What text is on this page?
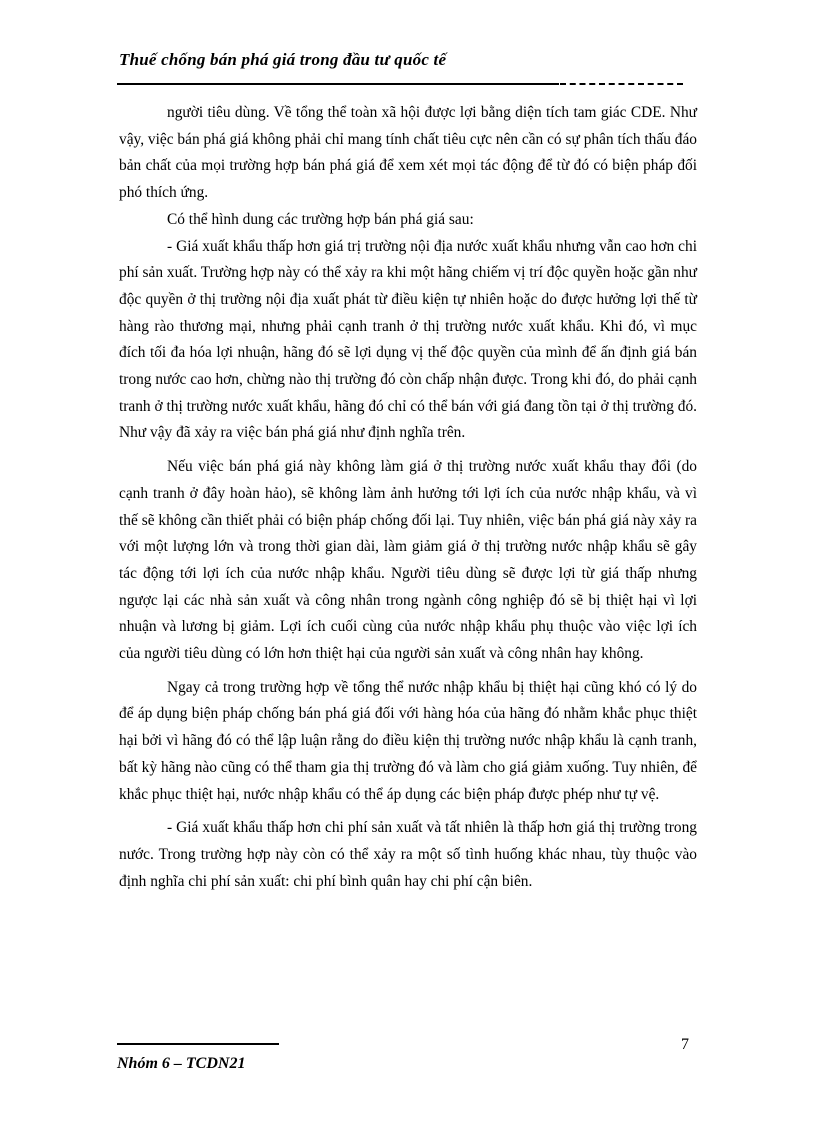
Thuế chống bán phá giá trong đầu tư quốc tế

người tiêu dùng. Về tổng thể toàn xã hội được lợi bằng diện tích tam giác CDE. Như vậy, việc bán phá giá không phải chỉ mang tính chất tiêu cực nên cần có sự phân tích thấu đáo bản chất của mọi trường hợp bán phá giá để xem xét mọi tác động để từ đó có biện pháp đối phó thích ứng.

Có thể hình dung các trường hợp bán phá giá sau:

- Giá xuất khẩu thấp hơn giá trị trường nội địa nước xuất khẩu nhưng vẫn cao hơn chi phí sản xuất. Trường hợp này có thể xảy ra khi một hãng chiếm vị trí độc quyền hoặc gần như độc quyền ở thị trường nội địa xuất phát từ điều kiện tự nhiên hoặc do được hưởng lợi thế từ hàng rào thương mại, nhưng phải cạnh tranh ở thị trường nước xuất khẩu. Khi đó, vì mục đích tối đa hóa lợi nhuận, hãng đó sẽ lợi dụng vị thế độc quyền của mình để ấn định giá bán trong nước cao hơn, chừng nào thị trường đó còn chấp nhận được. Trong khi đó, do phải cạnh tranh ở thị trường nước xuất khẩu, hãng đó chỉ có thể bán với giá đang tồn tại ở thị trường đó. Như vậy đã xảy ra việc bán phá giá như định nghĩa trên.

Nếu việc bán phá giá này không làm giá ở thị trường nước xuất khẩu thay đổi (do cạnh tranh ở đây hoàn hảo), sẽ không làm ảnh hưởng tới lợi ích của nước nhập khẩu, và vì thế sẽ không cần thiết phải có biện pháp chống đối lại. Tuy nhiên, việc bán phá giá này xảy ra với một lượng lớn và trong thời gian dài, làm giảm giá ở thị trường nước nhập khẩu sẽ gây tác động tới lợi ích của nước nhập khẩu. Người tiêu dùng sẽ được lợi từ giá thấp nhưng ngược lại các nhà sản xuất và công nhân trong ngành công nghiệp đó sẽ bị thiệt hại vì lợi nhuận và lương bị giảm. Lợi ích cuối cùng của nước nhập khẩu phụ thuộc vào việc lợi ích của người tiêu dùng có lớn hơn thiệt hại của người sản xuất và công nhân hay không.

Ngay cả trong trường hợp về tổng thể nước nhập khẩu bị thiệt hại cũng khó có lý do để áp dụng biện pháp chống bán phá giá đối với hàng hóa của hãng đó nhằm khắc phục thiệt hại bởi vì hãng đó có thể lập luận rằng do điều kiện thị trường nước nhập khẩu là cạnh tranh, bất kỳ hãng nào cũng có thể tham gia thị trường đó và làm cho giá giảm xuống. Tuy nhiên, để khắc phục thiệt hại, nước nhập khẩu có thể áp dụng các biện pháp được phép như tự vệ.

- Giá xuất khẩu thấp hơn chi phí sản xuất và tất nhiên là thấp hơn giá thị trường trong nước. Trong trường hợp này còn có thể xảy ra một số tình huống khác nhau, tùy thuộc vào định nghĩa chi phí sản xuất: chi phí bình quân hay chi phí cận biên.

Nhóm 6 – TCDN21
7
